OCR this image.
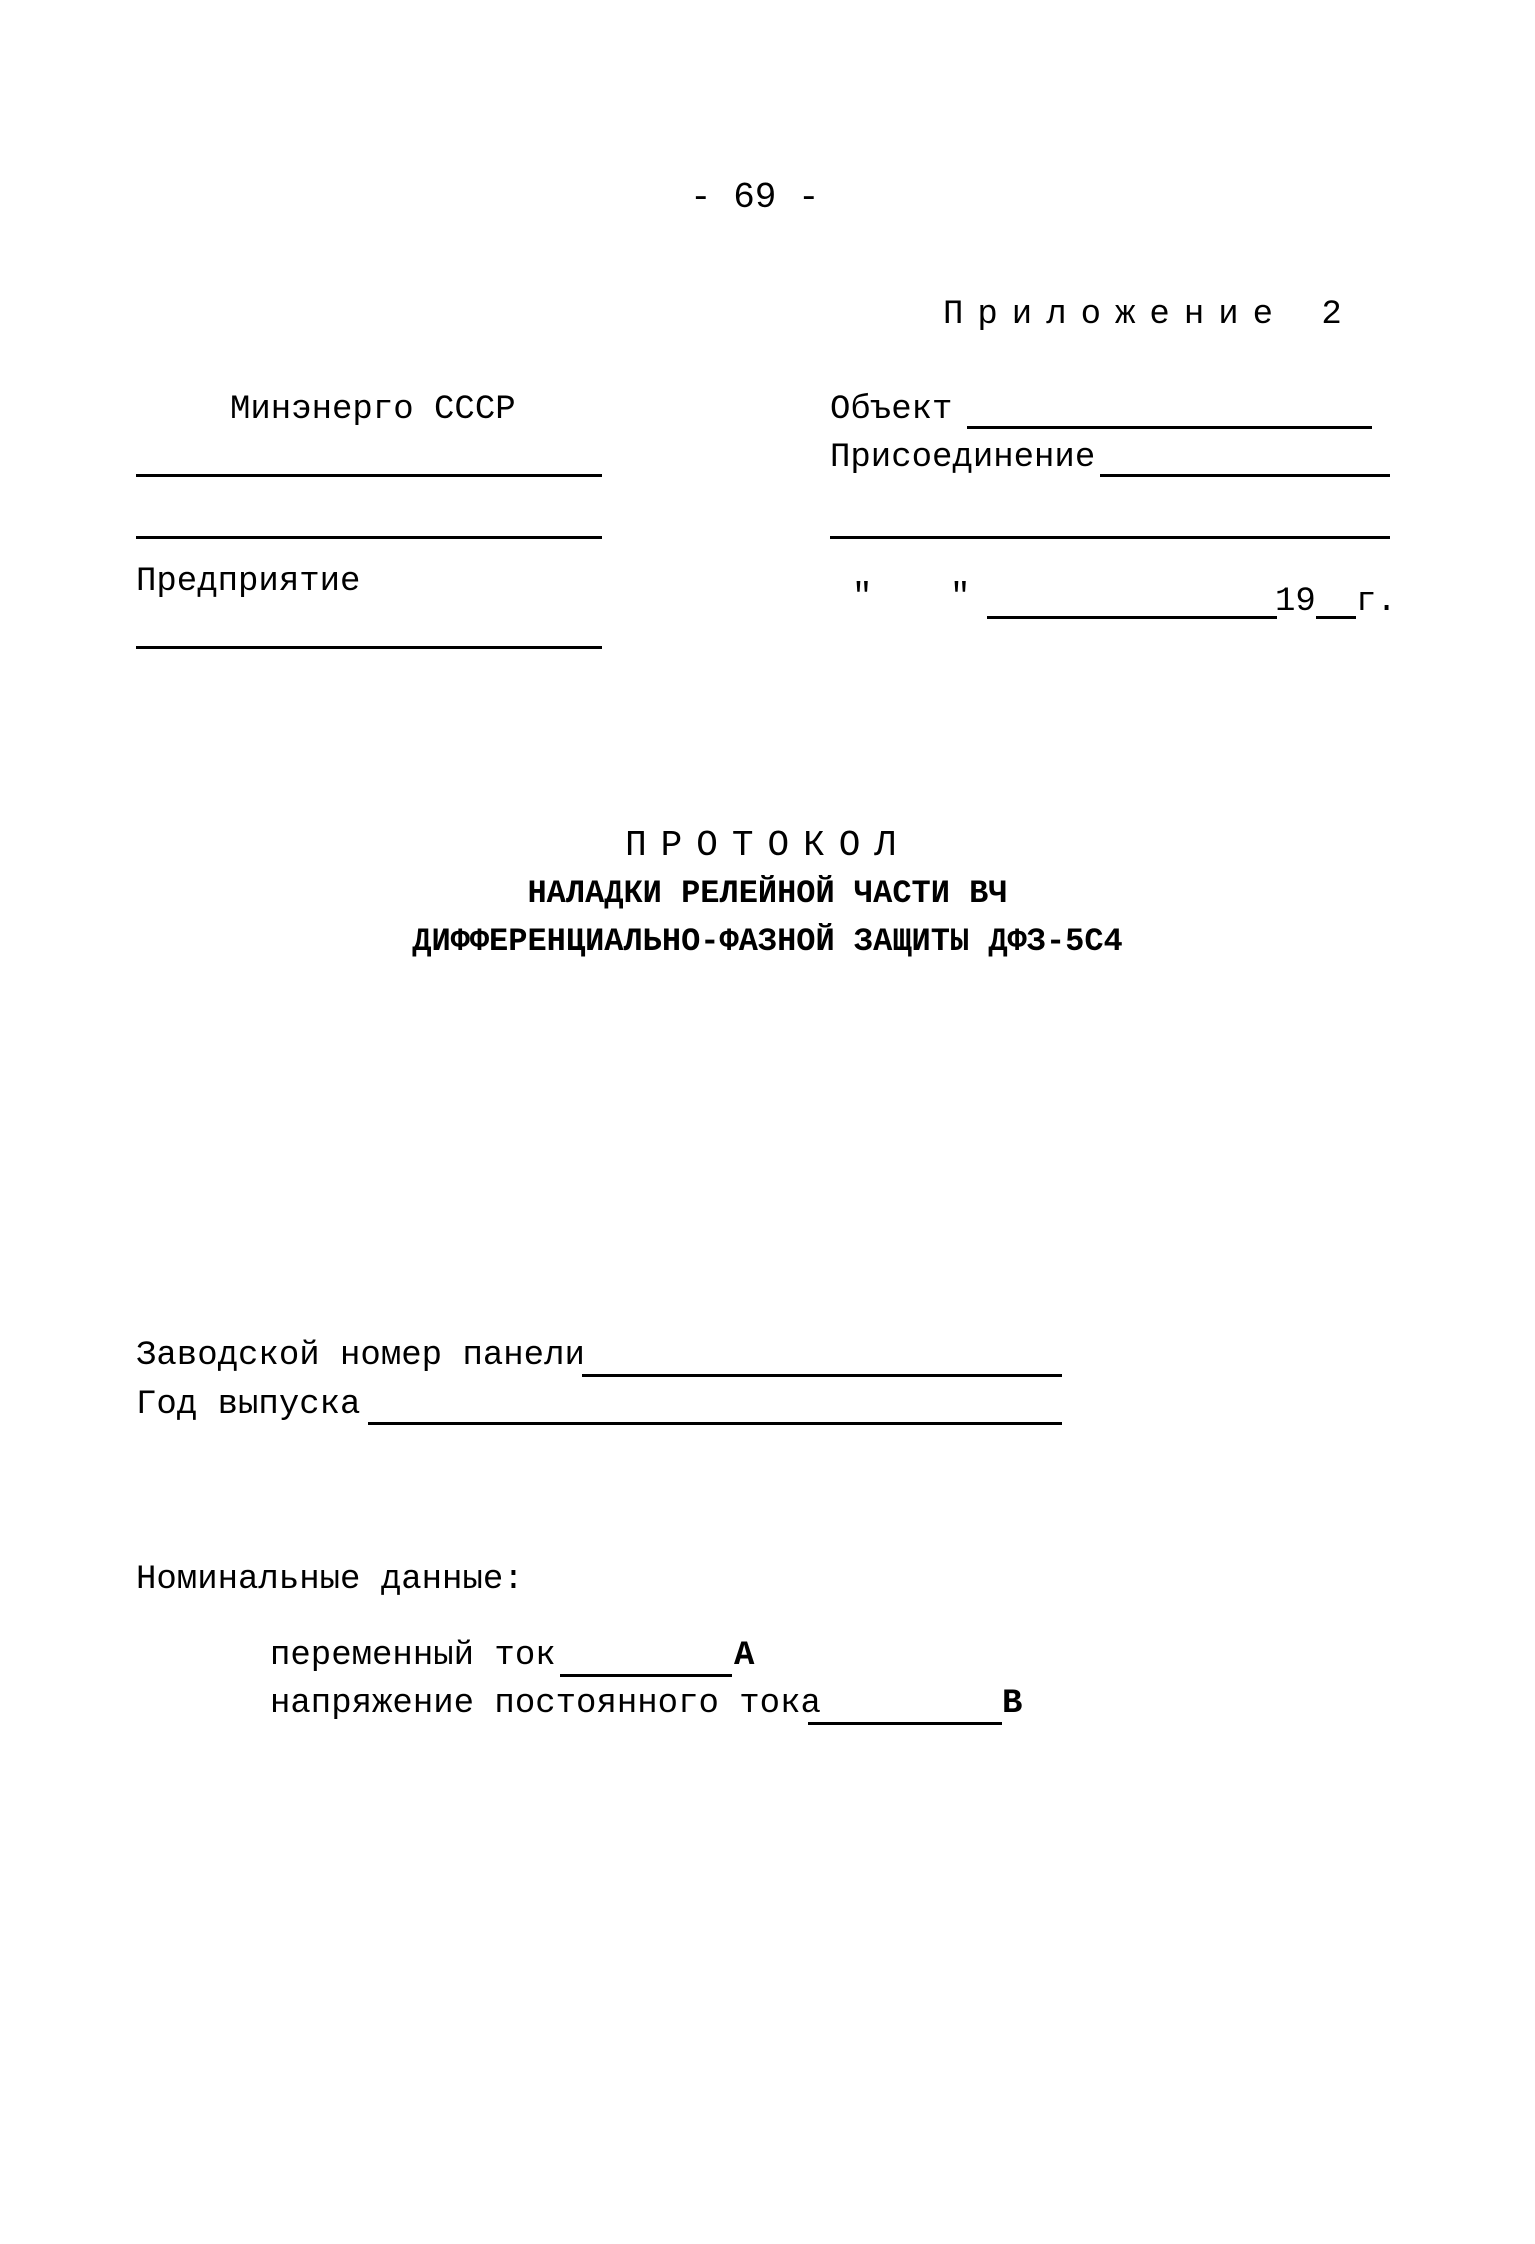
- 69 -
Приложение 2
Минэнерго СССР
Предприятие
Объект
Присоединение
" "	19 г.
ПРОТОКОЛ
НАЛАДКИ РЕЛЕЙНОЙ ЧАСТИ ВЧ
ДИФФЕРЕНЦИАЛЬНО-ФАЗНОЙ ЗАЩИТЫ ДФЗ-5С4
Заводской номер панели
Год выпуска
Номинальные данные:
переменный ток	А
напряжение постоянного тока	В
